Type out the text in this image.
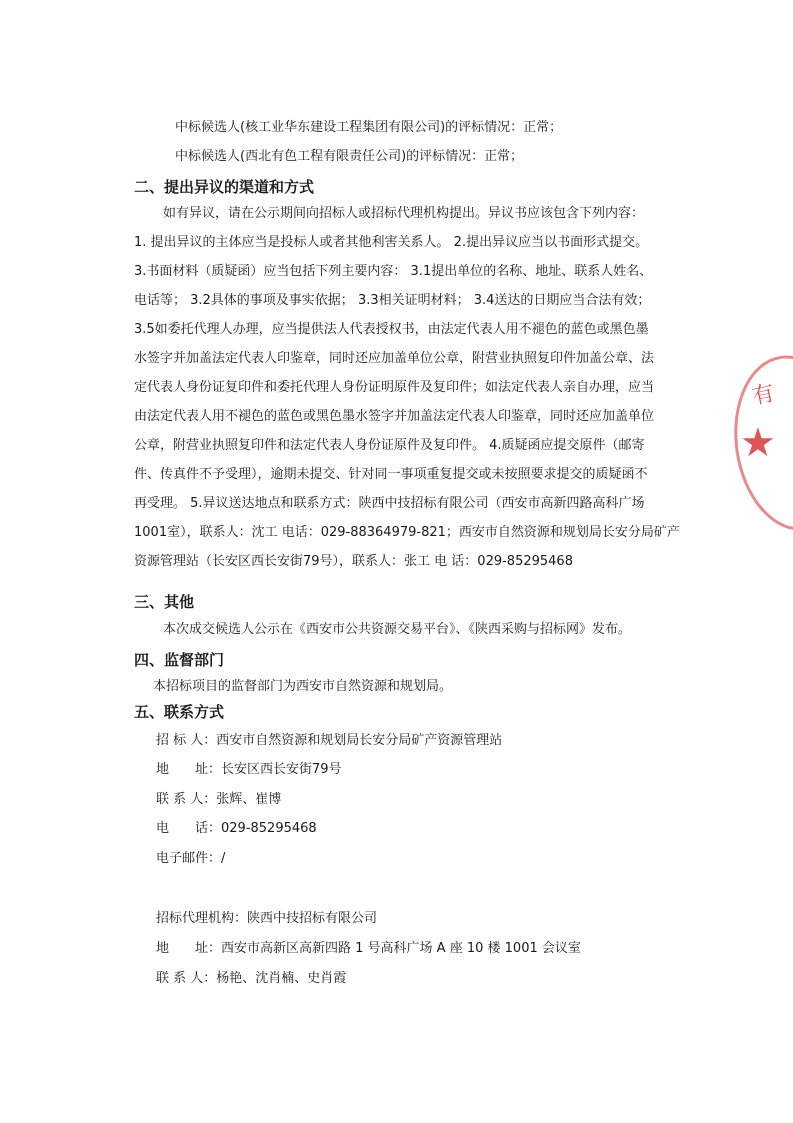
中标候选人(核工业华东建设工程集团有限公司)的评标情况：正常；
中标候选人(西北有色工程有限责任公司)的评标情况：正常；
二、提出异议的渠道和方式
如有异议，请在公示期间向招标人或招标代理机构提出。异议书应该包含下列内容：
1. 提出异议的主体应当是投标人或者其他利害关系人。 2.提出异议应当以书面形式提交。
3.书面材料（质疑函）应当包括下列主要内容： 3.1提出单位的名称、地址、联系人姓名、
电话等； 3.2具体的事项及事实依据； 3.3相关证明材料； 3.4送达的日期应当合法有效；
3.5如委托代理人办理，应当提供法人代表授权书，由法定代表人用不褪色的蓝色或黑色墨
水签字并加盖法定代表人印鉴章，同时还应加盖单位公章，附营业执照复印件加盖公章、法
定代表人身份证复印件和委托代理人身份证明原件及复印件；如法定代表人亲自办理，应当
由法定代表人用不褪色的蓝色或黑色墨水签字并加盖法定代表人印鉴章，同时还应加盖单位
公章，附营业执照复印件和法定代表人身份证原件及复印件。 4.质疑函应提交原件（邮寄
件、传真件不予受理），逾期未提交、针对同一事项重复提交或未按照要求提交的质疑函不
再受理。 5.异议送达地点和联系方式：陕西中技招标有限公司（西安市高新四路高科广场
1001室），联系人：沈工 电话：029-88364979-821；西安市自然资源和规划局长安分局矿产
资源管理站（长安区西长安街79号），联系人：张工 电 话：029-85295468
三、其他
本次成交候选人公示在《西安市公共资源交易平台》、《陕西采购与招标网》发布。
四、监督部门
本招标项目的监督部门为西安市自然资源和规划局。
五、联系方式
招 标 人：西安市自然资源和规划局长安分局矿产资源管理站
地　　址：长安区西长安街79号
联 系 人：张辉、崔博
电　　话：029-85295468
电子邮件：/
招标代理机构：陕西中技招标有限公司
地　　址：西安市高新区高新四路 1 号高科广场 A 座 10 楼 1001 会议室
联 系 人：杨艳、沈肖楠、史肖霞
有
★
